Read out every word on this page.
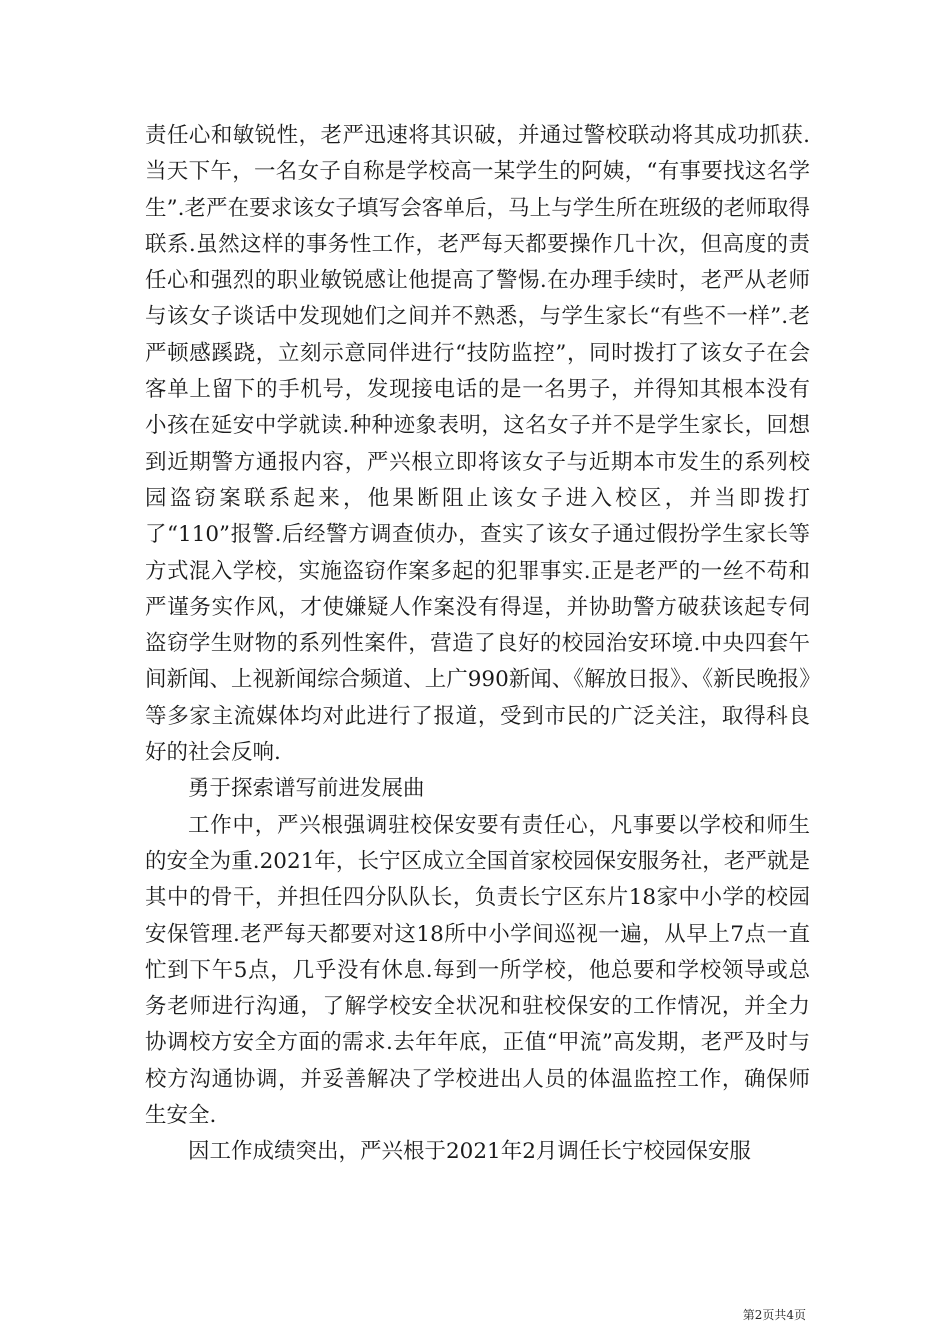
责任心和敏锐性，老严迅速将其识破，并通过警校联动将其成功抓获.当天下午，一名女子自称是学校高一某学生的阿姨，“有事要找这名学生”.老严在要求该女子填写会客单后，马上与学生所在班级的老师取得联系.虽然这样的事务性工作，老严每天都要操作几十次，但高度的责任心和强烈的职业敏锐感让他提高了警惕.在办理手续时，老严从老师与该女子谈话中发现她们之间并不熟悉，与学生家长“有些不一样”.老严顿感蹊跷，立刻示意同伴进行“技防监控”，同时拨打了该女子在会客单上留下的手机号，发现接电话的是一名男子，并得知其根本没有小孩在延安中学就读.种种迹象表明，这名女子并不是学生家长，回想到近期警方通报内容，严兴根立即将该女子与近期本市发生的系列校园盗窃案联系起来，他果断阻止该女子进入校区，并当即拨打了“110”报警.后经警方调查侦办，查实了该女子通过假扮学生家长等方式混入学校，实施盗窃作案多起的犯罪事实.正是老严的一丝不苟和严谨务实作风，才使嫌疑人作案没有得逞，并协助警方破获该起专伺盗窃学生财物的系列性案件，营造了良好的校园治安环境.中央四套午间新闻、上视新闻综合频道、上广990新闻、《解放日报》、《新民晚报》等多家主流媒体均对此进行了报道，受到市民的广泛关注，取得科良好的社会反响.

勇于探索谱写前进发展曲

工作中，严兴根强调驻校保安要有责任心，凡事要以学校和师生的安全为重.2021年，长宁区成立全国首家校园保安服务社，老严就是其中的骨干，并担任四分队队长，负责长宁区东片18家中小学的校园安保管理.老严每天都要对这18所中小学间巡视一遍，从早上7点一直忙到下午5点，几乎没有休息.每到一所学校，他总要和学校领导或总务老师进行沟通，了解学校安全状况和驻校保安的工作情况，并全力协调校方安全方面的需求.去年年底，正值“甲流”高发期，老严及时与校方沟通协调，并妥善解决了学校进出人员的体温监控工作，确保师生安全.

因工作成绩突出，严兴根于2021年2月调任长宁校园保安服

第2页共4页
